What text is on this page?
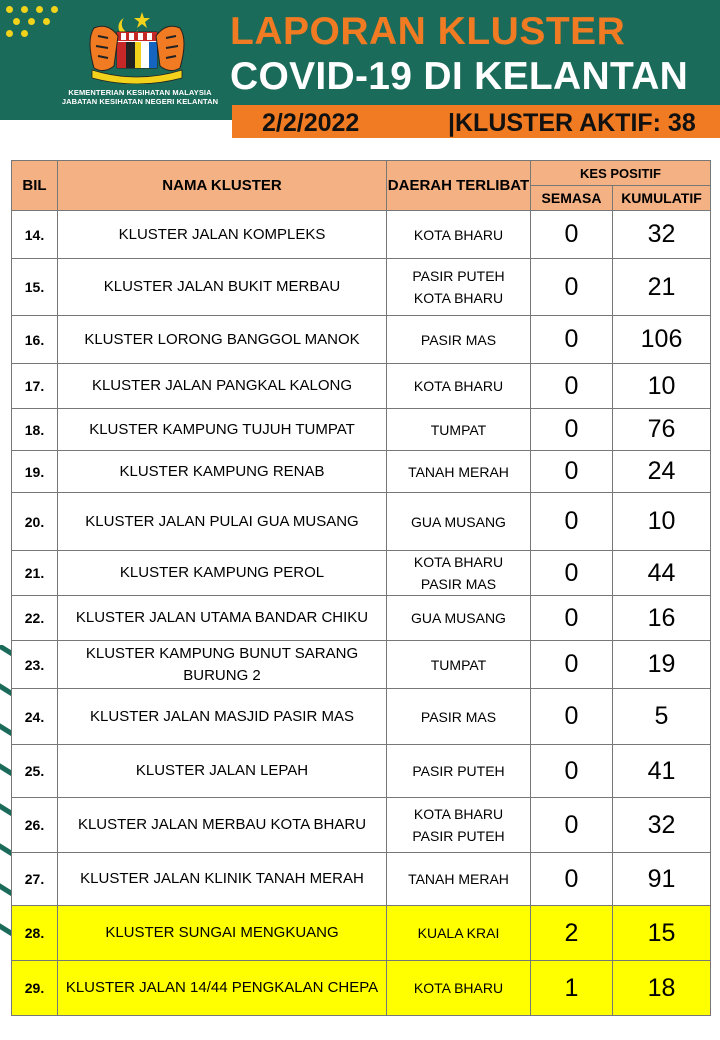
KEMENTERIAN KESIHATAN MALAYSIA
JABATAN KESIHATAN NEGERI KELANTAN
LAPORAN KLUSTER
COVID-19 DI KELANTAN
2/2/2022	|KLUSTER AKTIF: 38
BIL	NAMA KLUSTER	DAERAH TERLIBAT	KES POSITIF	
			SEMASA	KUMULATIF
14.	KLUSTER JALAN KOMPLEKS	KOTA BHARU	0	32
15.	KLUSTER JALAN BUKIT MERBAU	PASIR PUTEH
KOTA BHARU	0	21
16.	KLUSTER LORONG BANGGOL MANOK	PASIR MAS	0	106
17.	KLUSTER JALAN PANGKAL KALONG	KOTA BHARU	0	10
18.	KLUSTER KAMPUNG TUJUH TUMPAT	TUMPAT	0	76
19.	KLUSTER KAMPUNG RENAB	TANAH MERAH	0	24
20.	KLUSTER JALAN PULAI GUA MUSANG	GUA MUSANG	0	10
21.	KLUSTER KAMPUNG PEROL	KOTA BHARU
PASIR MAS	0	44
22.	KLUSTER JALAN UTAMA BANDAR CHIKU	GUA MUSANG	0	16
23.	KLUSTER KAMPUNG BUNUT SARANG
BURUNG 2	TUMPAT	0	19
24.	KLUSTER JALAN MASJID PASIR MAS	PASIR MAS	0	5
25.	KLUSTER JALAN LEPAH	PASIR PUTEH	0	41
26.	KLUSTER JALAN MERBAU KOTA BHARU	KOTA BHARU
PASIR PUTEH	0	32
27.	KLUSTER JALAN KLINIK TANAH MERAH	TANAH MERAH	0	91
28.	KLUSTER SUNGAI MENGKUANG	KUALA KRAI	2	15
29.	KLUSTER JALAN 14/44 PENGKALAN CHEPA	KOTA BHARU	1	18
